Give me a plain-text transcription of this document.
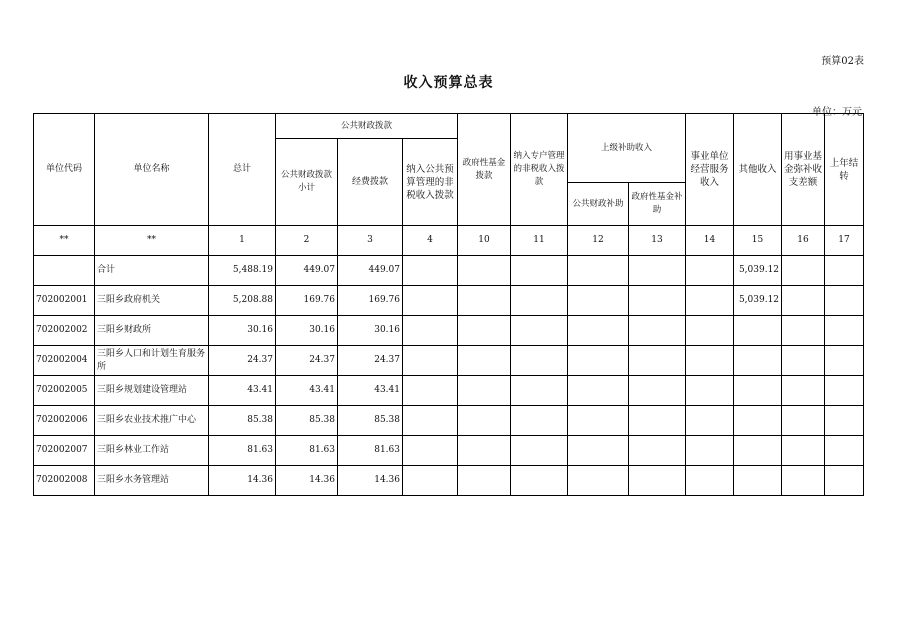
预算02表
收入预算总表
单位：万元
单位代码	单位名称	总计	公共财政拨款			政府性基金拨款	纳入专户管理的非税收入拨款	上级补助收入		事业单位经营服务收入	其他收入	用事业基金弥补收支差额	上年结转
			公共财政拨款小计	经费拨款	纳入公共预算管理的非税收入拨款								
								公共财政补助	政府性基金补助				
**	**	1	2	3	4	10	11	12	13	14	15	16	17
	合计	5,488.19	449.07	449.07							5,039.12		
702002001	三阳乡政府机关	5,208.88	169.76	169.76							5,039.12		
702002002	三阳乡财政所	30.16	30.16	30.16									
702002004	三阳乡人口和计划生育服务所	24.37	24.37	24.37									
702002005	三阳乡规划建设管理站	43.41	43.41	43.41									
702002006	三阳乡农业技术推广中心	85.38	85.38	85.38									
702002007	三阳乡林业工作站	81.63	81.63	81.63									
702002008	三阳乡水务管理站	14.36	14.36	14.36									
